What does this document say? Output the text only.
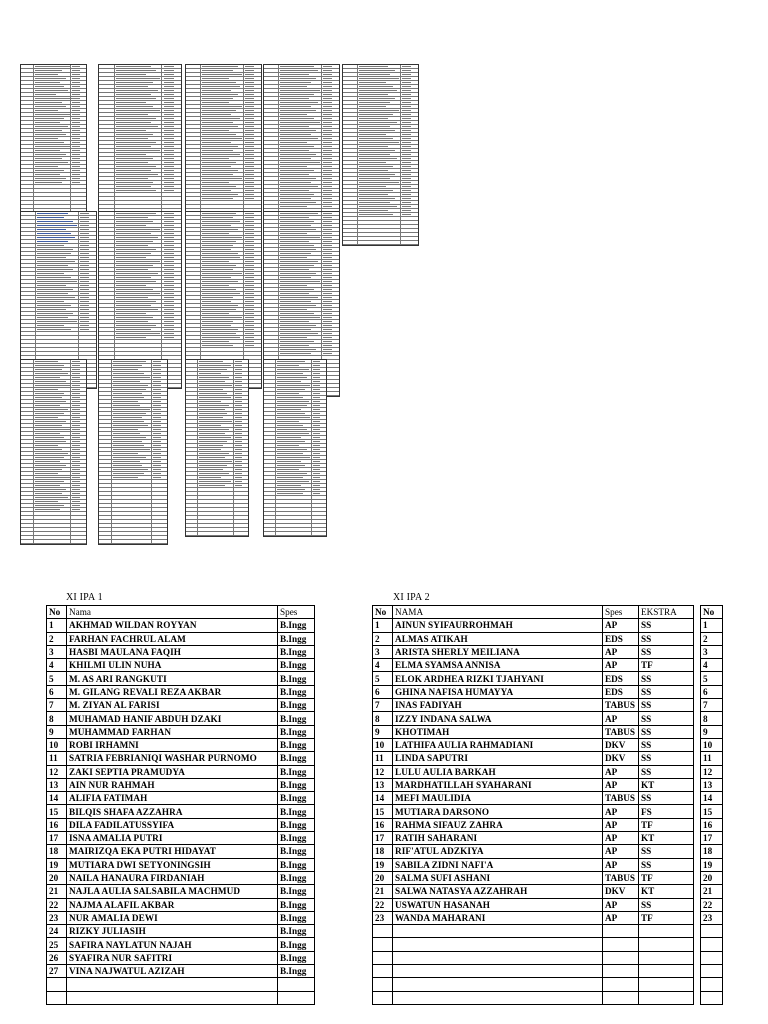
XI IPA 1
No	Nama	Spes
1	AKHMAD WILDAN ROYYAN	B.Ingg
2	FARHAN FACHRUL ALAM	B.Ingg
3	HASBI MAULANA FAQIH	B.Ingg
4	KHILMI ULIN NUHA	B.Ingg
5	M. AS ARI RANGKUTI	B.Ingg
6	M. GILANG REVALI REZA AKBAR	B.Ingg
7	M. ZIYAN AL FARISI	B.Ingg
8	MUHAMAD HANIF ABDUH DZAKI	B.Ingg
9	MUHAMMAD FARHAN	B.Ingg
10	ROBI IRHAMNI	B.Ingg
11	SATRIA FEBRIANIQI WASHAR PURNOMO	B.Ingg
12	ZAKI SEPTIA PRAMUDYA	B.Ingg
13	AIN NUR RAHMAH	B.Ingg
14	ALIFIA FATIMAH	B.Ingg
15	BILQIS SHAFA AZZAHRA	B.Ingg
16	DILA FADILATUSSYIFA	B.Ingg
17	ISNA AMALIA PUTRI	B.Ingg
18	MAIRIZQA EKA PUTRI HIDAYAT	B.Ingg
19	MUTIARA DWI SETYONINGSIH	B.Ingg
20	NAILA HANAURA FIRDANIAH	B.Ingg
21	NAJLA AULIA SALSABILA MACHMUD	B.Ingg
22	NAJMA ALAFIL AKBAR	B.Ingg
23	NUR AMALIA DEWI	B.Ingg
24	RIZKY JULIASIH	B.Ingg
25	SAFIRA NAYLATUN NAJAH	B.Ingg
26	SYAFIRA NUR SAFITRI	B.Ingg
27	VINA NAJWATUL AZIZAH	B.Ingg

XI IPA 2
No	NAMA	Spes	EKSTRA
1	AINUN SYIFAURROHMAH	AP	SS
2	ALMAS ATIKAH	EDS	SS
3	ARISTA SHERLY MEILIANA	AP	SS
4	ELMA SYAMSA ANNISA	AP	TF
5	ELOK ARDHEA RIZKI TJAHYANI	EDS	SS
6	GHINA NAFISA HUMAYYA	EDS	SS
7	INAS FADIYAH	TABUS	SS
8	IZZY INDANA SALWA	AP	SS
9	KHOTIMAH	TABUS	SS
10	LATHIFA AULIA RAHMADIANI	DKV	SS
11	LINDA SAPUTRI	DKV	SS
12	LULU AULIA BARKAH	AP	SS
13	MARDHATILLAH SYAHARANI	AP	KT
14	MEFI MAULIDIA	TABUS	SS
15	MUTIARA DARSONO	AP	FS
16	RAHMA SIFAUZ ZAHRA	AP	TF
17	RATIH SAHARANI	AP	KT
18	RIF'ATUL ADZKIYA	AP	SS
19	SABILA ZIDNI NAFI'A	AP	SS
20	SALMA SUFI ASHANI	TABUS	TF
21	SALWA NATASYA AZZAHRAH	DKV	KT
22	USWATUN HASANAH	AP	SS
23	WANDA MAHARANI	AP	TF

No
1
2
3
4
5
6
7
8
9
10
11
12
13
14
15
16
17
18
19
20
21
22
23
